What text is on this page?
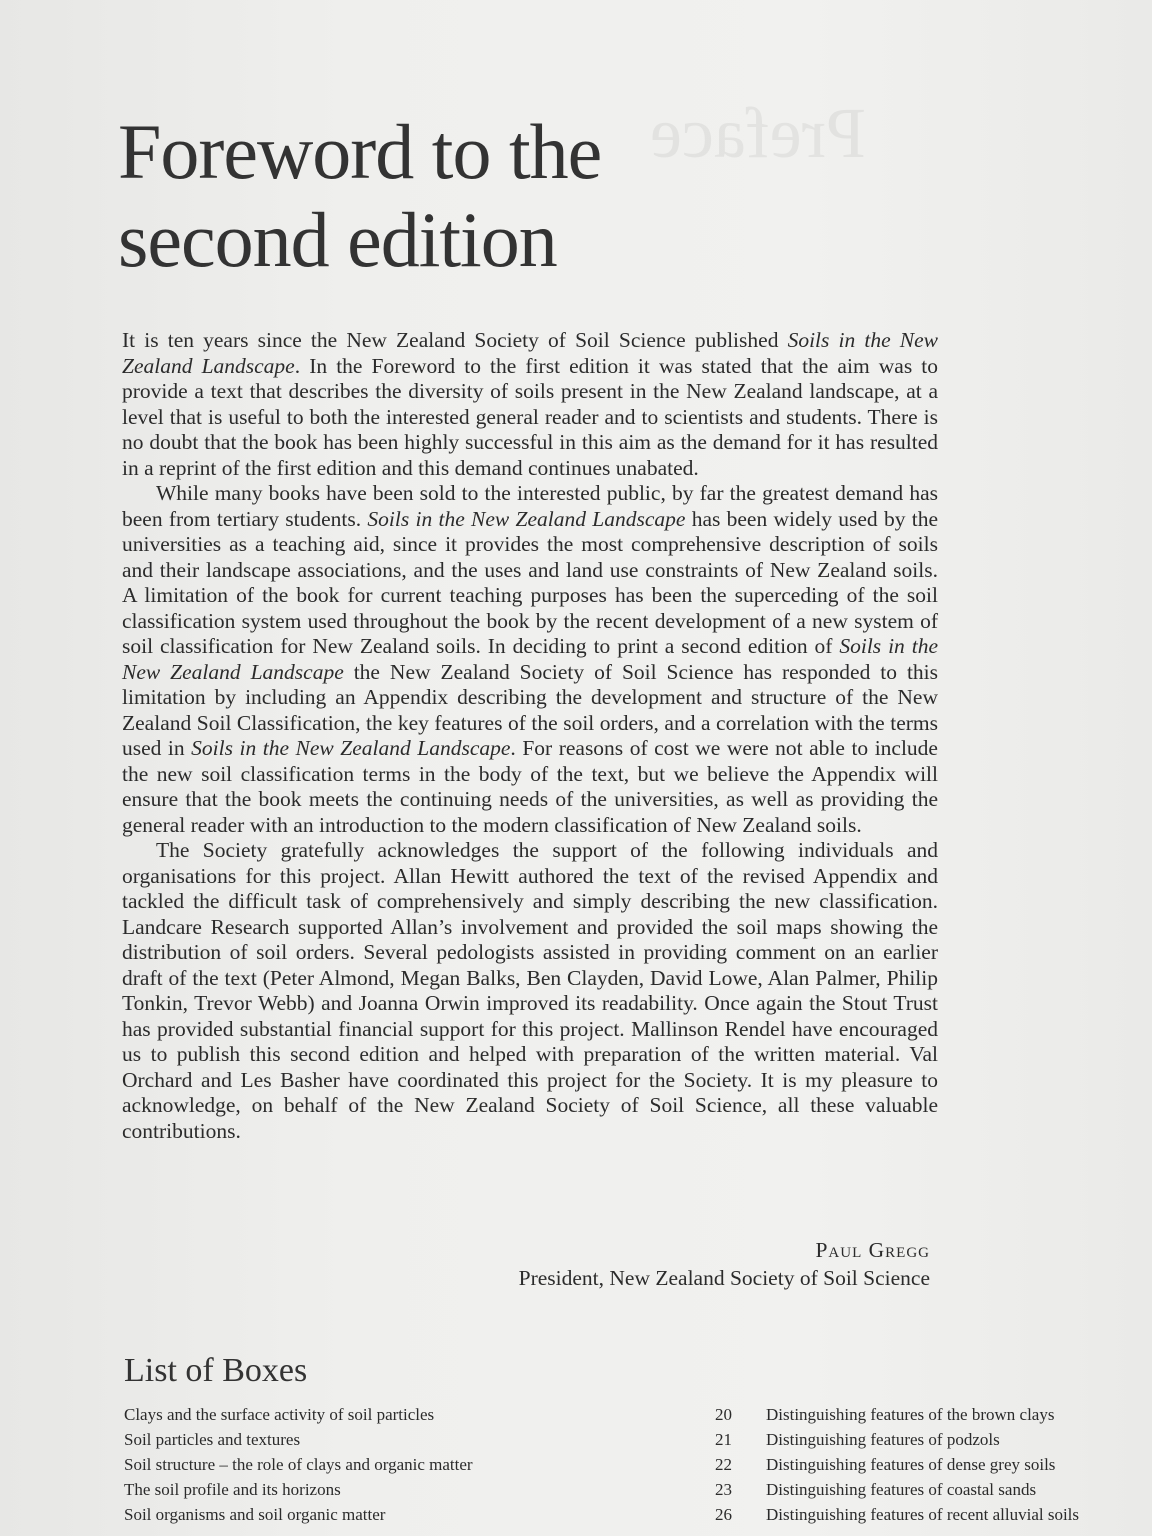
Preface
Foreword to the
second edition

It is ten years since the New Zealand Society of Soil Science published Soils in the New Zealand Landscape. In the Foreword to the first edition it was stated that the aim was to provide a text that describes the diversity of soils present in the New Zealand landscape, at a level that is useful to both the interested general reader and to scientists and students. There is no doubt that the book has been highly successful in this aim as the demand for it has resulted in a reprint of the first edition and this demand continues unabated.

While many books have been sold to the interested public, by far the greatest demand has been from tertiary students. Soils in the New Zealand Landscape has been widely used by the universities as a teaching aid, since it provides the most comprehensive description of soils and their landscape associations, and the uses and land use constraints of New Zealand soils. A limitation of the book for current teaching purposes has been the superceding of the soil classification system used throughout the book by the recent development of a new system of soil classification for New Zealand soils. In deciding to print a second edition of Soils in the New Zealand Landscape the New Zealand Society of Soil Science has responded to this limitation by including an Appendix describing the development and structure of the New Zealand Soil Classification, the key features of the soil orders, and a correlation with the terms used in Soils in the New Zealand Landscape. For reasons of cost we were not able to include the new soil classification terms in the body of the text, but we believe the Appendix will ensure that the book meets the continuing needs of the universities, as well as providing the general reader with an introduction to the modern classification of New Zealand soils.

The Society gratefully acknowledges the support of the following individuals and organisations for this project. Allan Hewitt authored the text of the revised Appendix and tackled the difficult task of comprehensively and simply describing the new classification. Landcare Research supported Allan’s involvement and provided the soil maps showing the distribution of soil orders. Several pedologists assisted in providing comment on an earlier draft of the text (Peter Almond, Megan Balks, Ben Clayden, David Lowe, Alan Palmer, Philip Tonkin, Trevor Webb) and Joanna Orwin improved its readability. Once again the Stout Trust has provided substantial financial support for this project. Mallinson Rendel have encouraged us to publish this second edition and helped with preparation of the written material. Val Orchard and Les Basher have coordinated this project for the Society. It is my pleasure to acknowledge, on behalf of the New Zealand Society of Soil Science, all these valuable contributions.

Paul Gregg
President, New Zealand Society of Soil Science
List of Boxes
Clays and the surface activity of soil particles	20 Distinguishing features of the brown clays
Soil particles and textures	21 Distinguishing features of podzols
Soil structure – the role of clays and organic matter	22 Distinguishing features of dense grey soils
The soil profile and its horizons	23 Distinguishing features of coastal sands
Soil organisms and soil organic matter	26 Distinguishing features of recent alluvial soils
